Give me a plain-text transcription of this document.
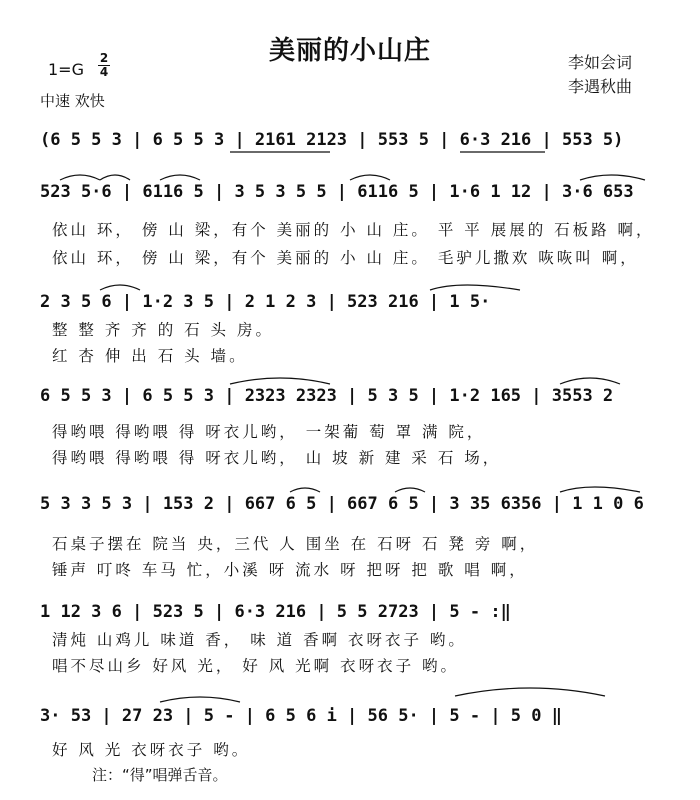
美丽的小山庄	李如会词
李遇秋曲
1=G
2
4
中速 欢快
(6 5 5 3 | 6 5 5 3 | 2161 2123 | 553 5 | 6·3 216 | 553 5)
523 5·6 | 6116 5 | 3 5 3 5 5 | 6116 5 | 1·6 1 12 | 3·6 653
依山 环， 傍 山 梁，有个 美丽的 小 山 庄。 平 平 展展的 石板路 啊，
依山 环， 傍 山 梁，有个 美丽的 小 山 庄。 毛驴儿撒欢 咴咴叫 啊，
2 3 5 6 | 1·2 3 5 | 2 1 2 3 | 523 216 | 1 5·
整 整 齐 齐 的 石 头 房。
红 杏 伸 出 石 头 墙。
6 5 5 3 | 6 5 5 3 | 2323 2323 | 5 3 5 | 1·2 165 | 3553 2
得哟喂 得哟喂 得 呀衣儿哟， 一架葡 萄 罩 满 院，
得哟喂 得哟喂 得 呀衣儿哟， 山 坡 新 建 采 石 场，
5 3 3 5 3 | 153 2 | 667 6 5 | 667 6 5 | 3 35 6356 | 1 1 0 6
石桌子摆在 院当 央，三代 人 围坐 在 石呀 石 凳 旁 啊，
锤声 叮咚 车马 忙，小溪 呀 流水 呀 把呀 把 歌 唱 啊，
1 12 3 6 | 523 5 | 6·3 216 | 5 5 2723 | 5 - :‖
清炖 山鸡儿 味道 香， 味 道 香啊 衣呀衣子 哟。
唱不尽山乡 好风 光， 好 风 光啊 衣呀衣子 哟。
3· 53 | 27 23 | 5 - | 6 5 6 i | 56 5· | 5 - | 5 0 ‖
好 风 光 衣呀衣子 哟。
注：“得”唱弹舌音。
